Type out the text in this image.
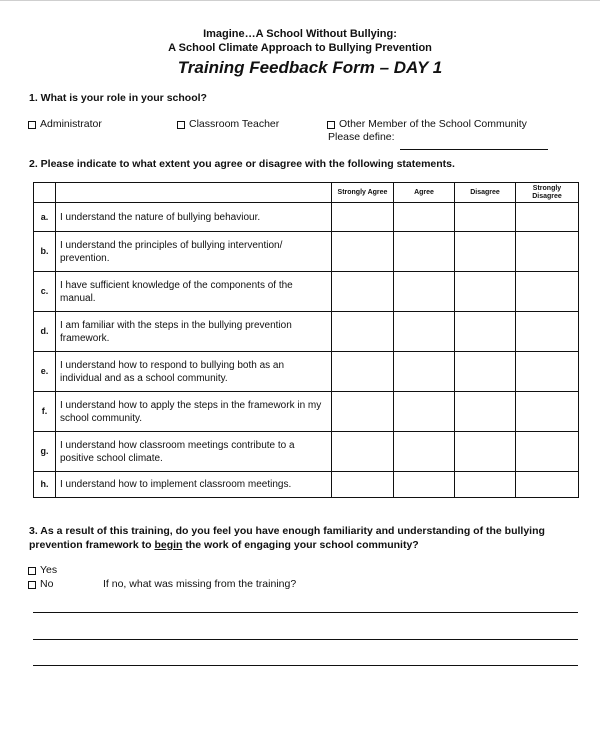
Imagine…A School Without Bullying:
A School Climate Approach to Bullying Prevention
Training Feedback Form – DAY 1
1. What is your role in your school?
Administrator	Classroom Teacher	Other Member of the School Community
Please define:
2. Please indicate to what extent you agree or disagree with the following statements.
		Strongly Agree	Agree	Disagree	Strongly Disagree
a.	I understand the nature of bullying behaviour.				
b.	I understand the principles of bullying intervention/ prevention.				
c.	I have sufficient knowledge of the components of the manual.				
d.	I am familiar with the steps in the bullying prevention framework.				
e.	I understand how to respond to bullying both as an individual and as a school community.				
f.	I understand how to apply the steps in the framework in my school community.				
g.	I understand how classroom meetings contribute to a positive school climate.				
h.	I understand how to implement classroom meetings.				
3. As a result of this training, do you feel you have enough familiarity and understanding of the bullying
prevention framework to begin the work of engaging your school community?
Yes
No	If no, what was missing from the training?
